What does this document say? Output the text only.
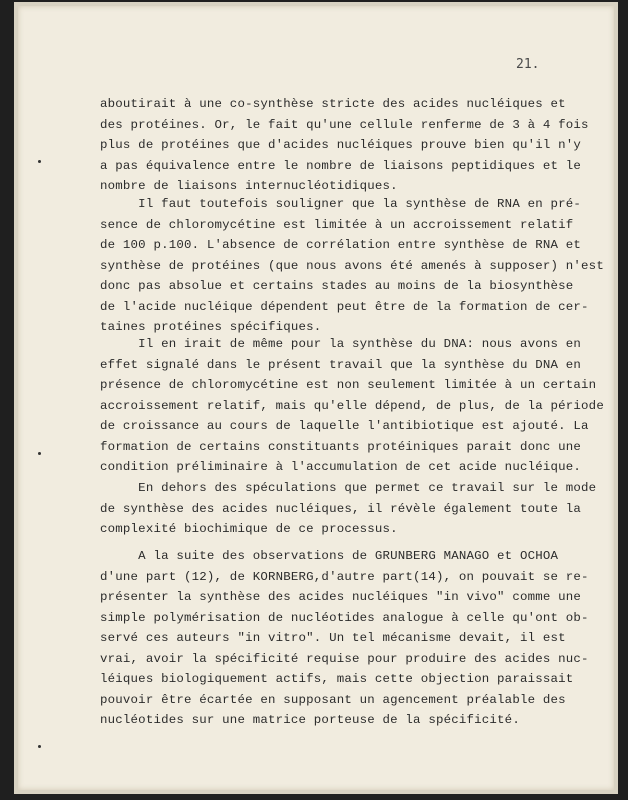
21.

aboutirait à une co-synthèse stricte des acides nucléiques et
des protéines. Or, le fait qu'une cellule renferme de 3 à 4 fois
plus de protéines que d'acides nucléiques prouve bien qu'il n'y
a pas équivalence entre le nombre de liaisons peptidiques et le
nombre de liaisons internucléotidiques.

Il faut toutefois souligner que la synthèse de RNA en pré-
sence de chloromycétine est limitée à un accroissement relatif
de 100 p.100. L'absence de corrélation entre synthèse de RNA et
synthèse de protéines (que nous avons été amenés à supposer) n'est
donc pas absolue et certains stades au moins de la biosynthèse
de l'acide nucléique dépendent peut être de la formation de cer-
taines protéines spécifiques.

Il en irait de même pour la synthèse du DNA: nous avons en
effet signalé dans le présent travail que la synthèse du DNA en
présence de chloromycétine est non seulement limitée à un certain
accroissement relatif, mais qu'elle dépend, de plus, de la période
de croissance au cours de laquelle l'antibiotique est ajouté. La
formation de certains constituants protéiniques parait donc une
condition préliminaire à l'accumulation de cet acide nucléique.

En dehors des spéculations que permet ce travail sur le mode
de synthèse des acides nucléiques, il révèle également toute la
complexité biochimique de ce processus.

A la suite des observations de GRUNBERG MANAGO et OCHOA
d'une part (12), de KORNBERG,d'autre part(14), on pouvait se re-
présenter la synthèse des acides nucléiques "in vivo" comme une
simple polymérisation de nucléotides analogue à celle qu'ont ob-
servé ces auteurs "in vitro". Un tel mécanisme devait, il est
vrai, avoir la spécificité requise pour produire des acides nuc-
léiques biologiquement actifs, mais cette objection paraissait
pouvoir être écartée en supposant un agencement préalable des
nucléotides sur une matrice porteuse de la spécificité.
